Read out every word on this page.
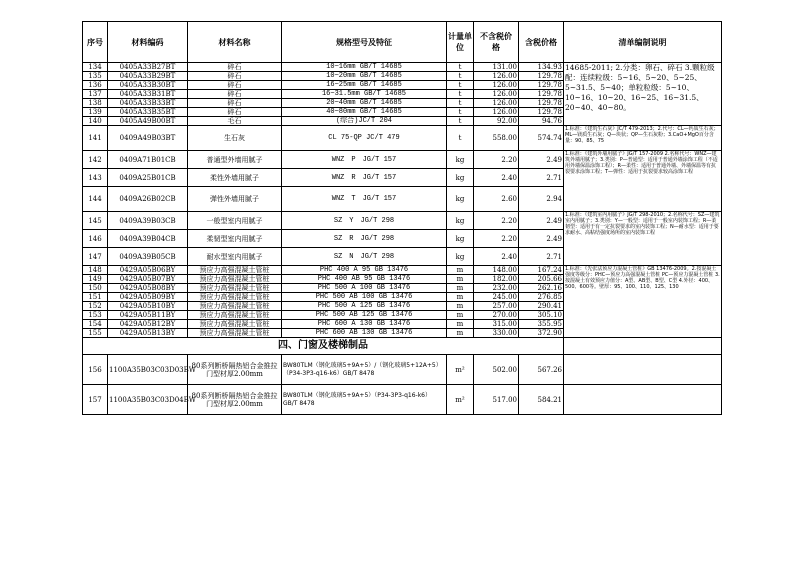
序号	材料编码	材料名称	规格型号及特征	计量单位	不含税价　格	含税价格	清单编制说明
134	0405A33B27BT	碎石	10~16mm GB/T 14685	t	131.00	134.93	14685-2011; 2.分类：卵石、碎石 3.颗粒级配：连续粒级：5~16、5~20、5~25、5~31.5、5~40；单粒粒级：5~10、10~16、10~20、16~25、16~31.5、20~40、40~80。
135	0405A33B29BT	碎石	10~20mm GB/T 14685	t	126.00	129.78	
136	0405A33B30BT	碎石	16~25mm GB/T 14685	t	126.00	129.78	
137	0405A33B31BT	碎石	16~31.5mm GB/T 14685	t	126.00	129.78	
138	0405A33B33BT	碎石	20~40mm GB/T 14685	t	126.00	129.78	
139	0405A33B35BT	碎石	40~80mm GB/T 14685	t	126.00	129.78	
140	0405A49B00BT	毛石	(综合)JC/T 204	t	92.00	94.76	
141	0409A49B03BT	生石灰	CL 75-QP JC/T 479	t	558.00	574.74	1.标准：《建筑生石灰》JC/T 479-2013；2.代号：CL—钙质生石灰；ML—镁质生石灰；Q—块状；QP—生石灰粉；3.CaO+MgO百分含量：90、85、75
142	0409A71B01CB	普通型外墙用腻子	WNZ　P　JG/T 157	kg	2.20	2.49	1.标准：《建筑外墙用腻子》JG/T 157-2009 2.名称代号：WNZ—建筑外墙用腻子；3.类别：P—普通型：适用于普通外墙涂饰工程（不适用外墙保温涂饰工程）；R—柔性：适用于普通外墙、外墙保温等有抗裂要求涂饰工程；T—弹性：适用于抗裂要求较高涂饰工程
143	0409A25B01CB	柔性外墙用腻子	WNZ　R　JG/T 157	kg	2.40	2.71	
144	0409A26B02CB	弹性外墙用腻子	WNZ　T　JG/T 157	kg	2.60	2.94	
145	0409A39B03CB	一般型室内用腻子	SZ　Y　JG/T 298	kg	2.20	2.49	1.标准：《建筑室内用腻子》JG/T 298-2010；2.名称代号：SZ—建筑室内用腻子；3.类别：Y—一般型：适用于一般室内装饰工程；R—柔韧型：适用于有一定抗裂要求的室内装饰工程；N—耐水型：适用于要求耐水、高粘结强度场所的室内装饰工程
146	0409A39B04CB	柔韧型室内用腻子	SZ　R　JG/T 298	kg	2.20	2.49	
147	0409A39B05CB	耐水型室内用腻子	SZ　N　JG/T 298	kg	2.40	2.71	
148	0429A05B06BY	预应力高强混凝土管桩	PHC 400 A 95 GB 13476	m	148.00	167.24	1.标准：《先张法预应力混凝土管桩》GB 13476-2009。2.按混凝土强度等级分：PHC—预应力高强混凝土管桩 PC—预应力混凝土管桩 3.按混凝土有效预应力值分：A型、AB型、B型、C型 4.外径：400、500、600等。壁厚：95、100、110、125、130
149	0429A05B07BY	预应力高强混凝土管桩	PHC 400 AB 95 GB 13476	m	182.00	205.66	
150	0429A05B08BY	预应力高强混凝土管桩	PHC 500 A 100 GB 13476	m	232.00	262.16	
151	0429A05B09BY	预应力高强混凝土管桩	PHC 500 AB 100 GB 13476	m	245.00	276.85	
152	0429A05B10BY	预应力高强混凝土管桩	PHC 500 A 125 GB 13476	m	257.00	290.41	
153	0429A05B11BY	预应力高强混凝土管桩	PHC 500 AB 125 GB 13476	m	270.00	305.10	
154	0429A05B12BY	预应力高强混凝土管桩	PHC 600 A 130 GB 13476	m	315.00	355.95	
155	0429A05B13BY	预应力高强混凝土管桩	PHC 600 AB 130 GB 13476	m	330.00	372.90	
四、门窗及楼梯制品							
156	1100A35B03C03D03BW	80系列断桥隔热铝合金推拉门型材厚2.00mm	BW80TLM（钢化玻璃5+9A+5）/（钢化玻璃5+12A+5）（P34-3P3-q16-k6）GB/T 8478	m²	502.00	567.26	
157	1100A35B03C03D04BW	80系列断桥隔热铝合金推拉门型材厚2.00mm	BW80TLM（钢化玻璃5+9A+5）（P34-3P3-q16-k6）GB/T 8478	m²	517.00	584.21	
